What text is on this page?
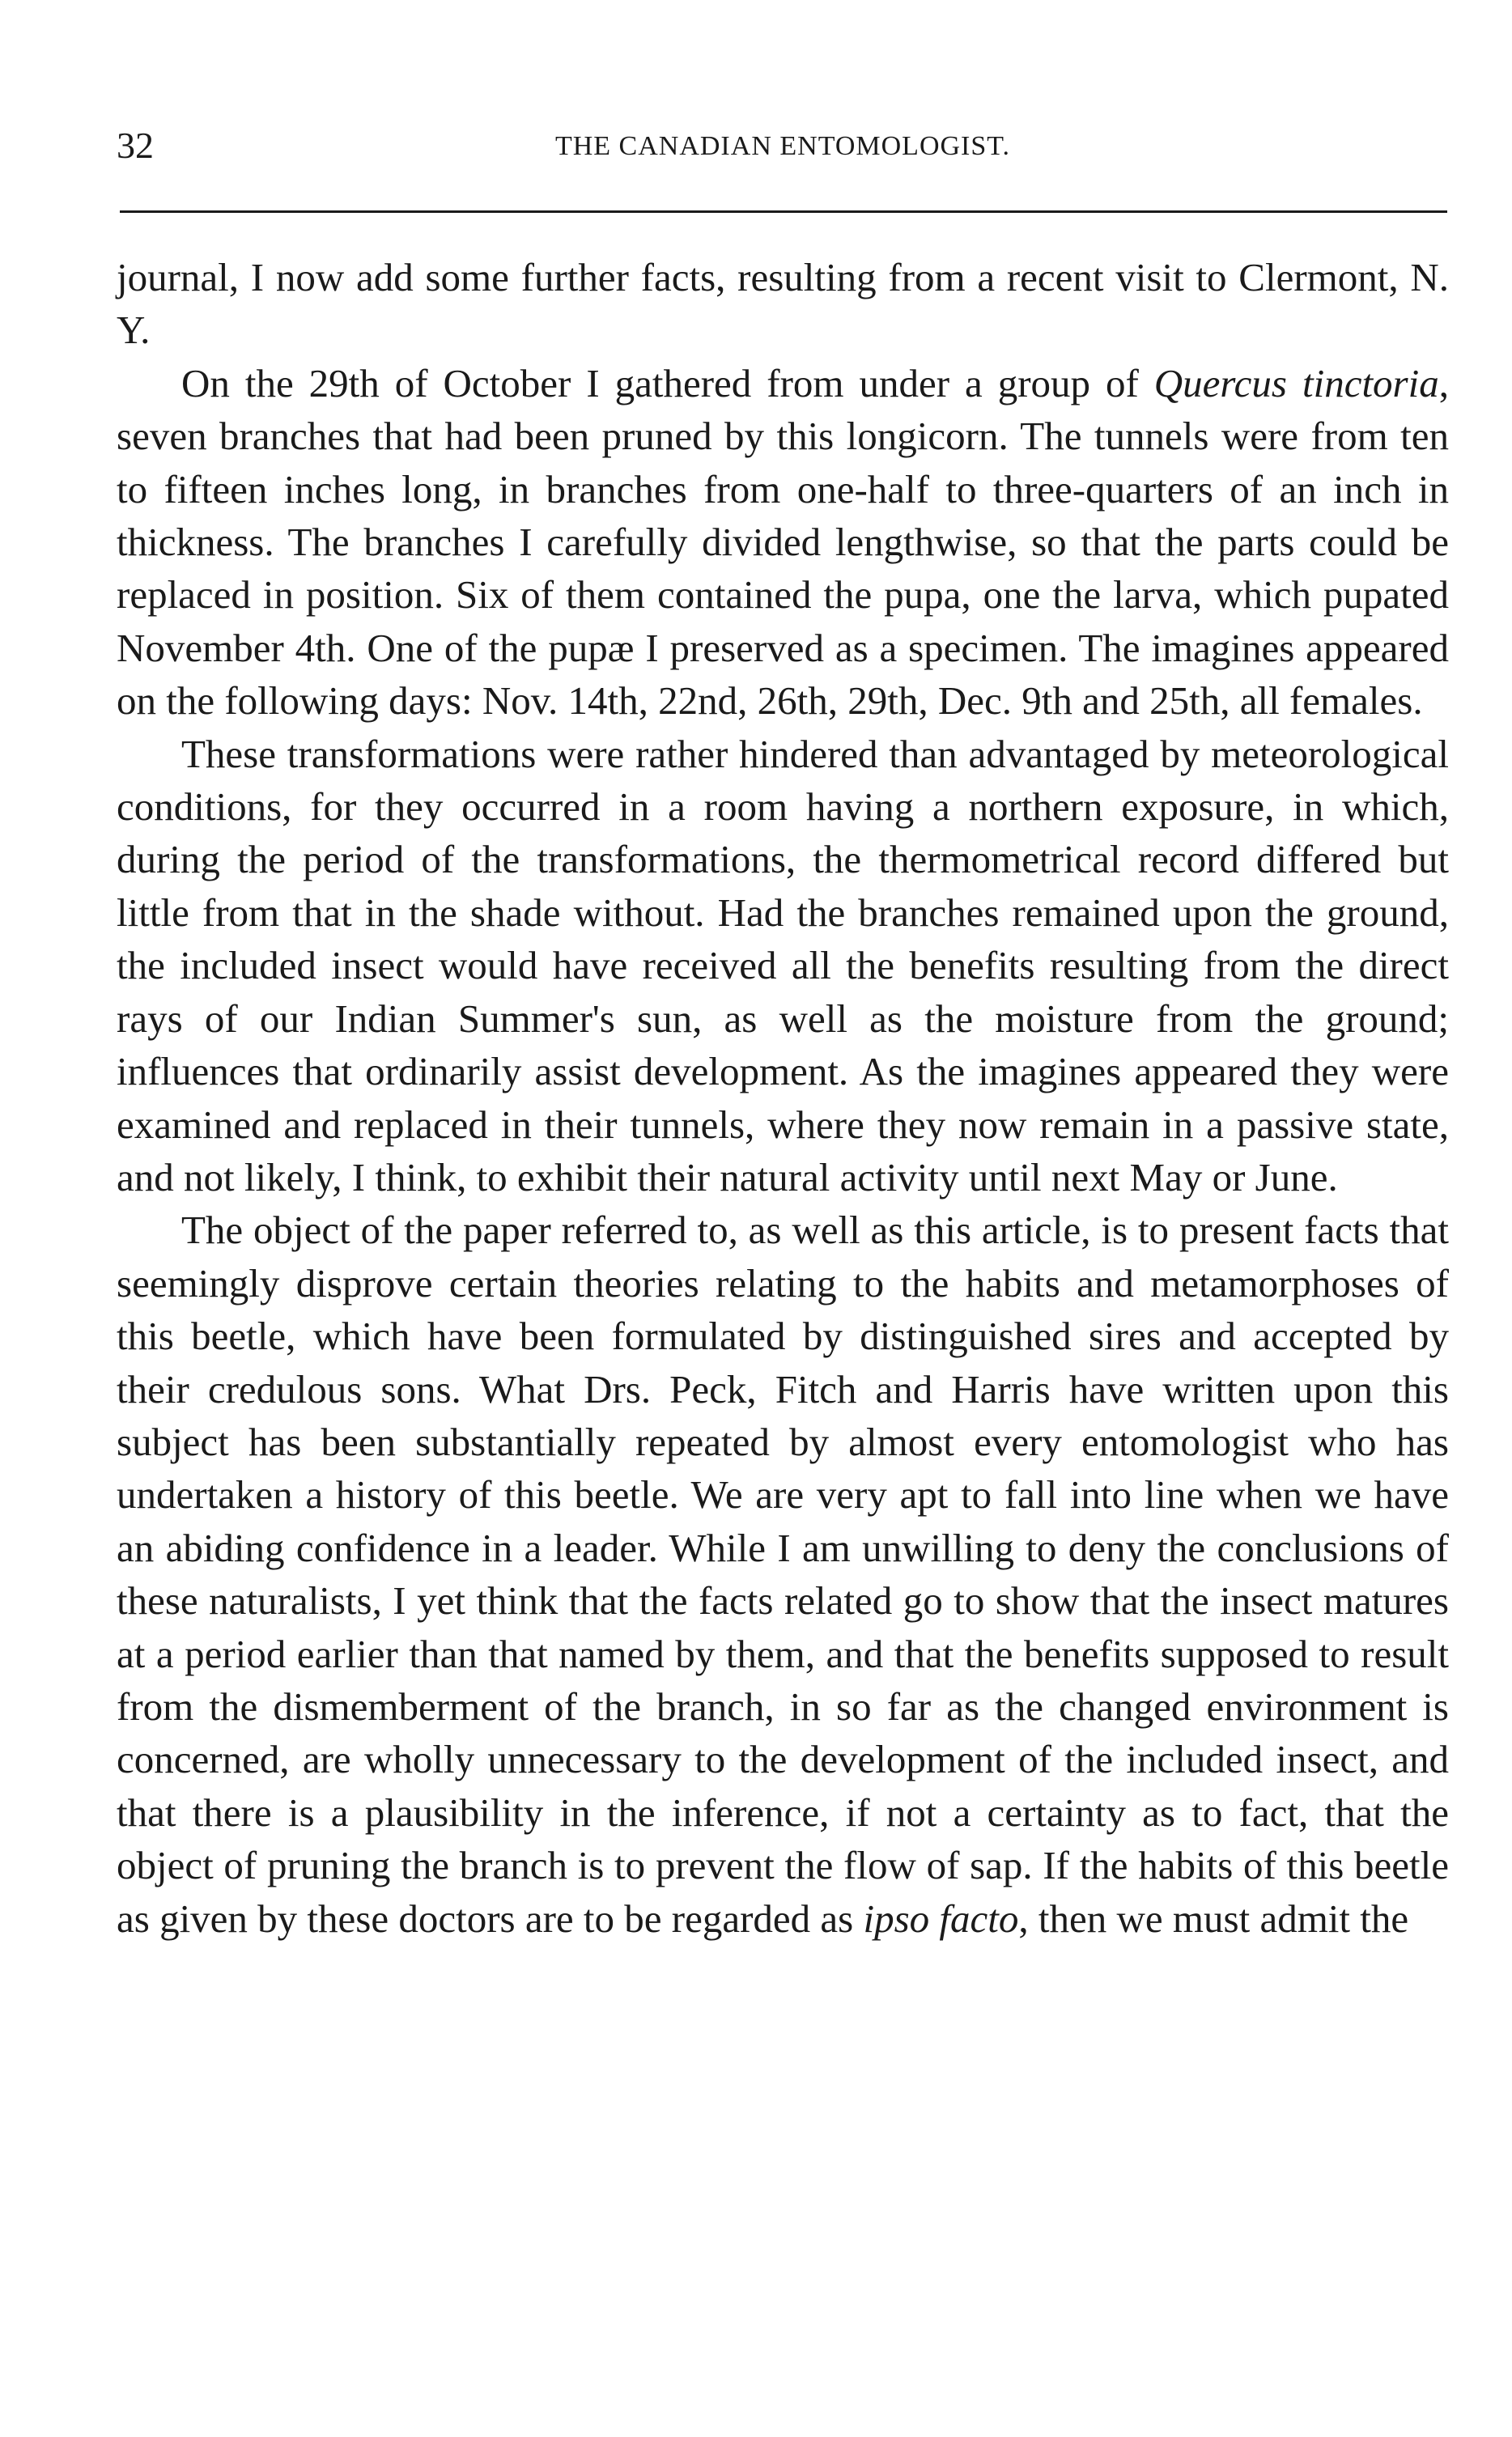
32	THE CANADIAN ENTOMOLOGIST.

journal, I now add some further facts, resulting from a recent visit to Clermont, N. Y.

On the 29th of October I gathered from under a group of Quercus tinctoria, seven branches that had been pruned by this longicorn. The tunnels were from ten to fifteen inches long, in branches from one-half to three-quarters of an inch in thickness. The branches I carefully divided lengthwise, so that the parts could be replaced in position. Six of them contained the pupa, one the larva, which pupated November 4th. One of the pupæ I preserved as a specimen. The imagines appeared on the following days: Nov. 14th, 22nd, 26th, 29th, Dec. 9th and 25th, all females.

These transformations were rather hindered than advantaged by meteorological conditions, for they occurred in a room having a northern exposure, in which, during the period of the transformations, the thermometrical record differed but little from that in the shade without. Had the branches remained upon the ground, the included insect would have received all the benefits resulting from the direct rays of our Indian Summer's sun, as well as the moisture from the ground; influences that ordinarily assist development. As the imagines appeared they were examined and replaced in their tunnels, where they now remain in a passive state, and not likely, I think, to exhibit their natural activity until next May or June.

The object of the paper referred to, as well as this article, is to present facts that seemingly disprove certain theories relating to the habits and metamorphoses of this beetle, which have been formulated by distinguished sires and accepted by their credulous sons. What Drs. Peck, Fitch and Harris have written upon this subject has been substantially repeated by almost every entomologist who has undertaken a history of this beetle. We are very apt to fall into line when we have an abiding confidence in a leader. While I am unwilling to deny the conclusions of these naturalists, I yet think that the facts related go to show that the insect matures at a period earlier than that named by them, and that the benefits supposed to result from the dismemberment of the branch, in so far as the changed environment is concerned, are wholly unnecessary to the development of the included insect, and that there is a plausibility in the inference, if not a certainty as to fact, that the object of pruning the branch is to prevent the flow of sap. If the habits of this beetle as given by these doctors are to be regarded as ipso facto, then we must admit the
